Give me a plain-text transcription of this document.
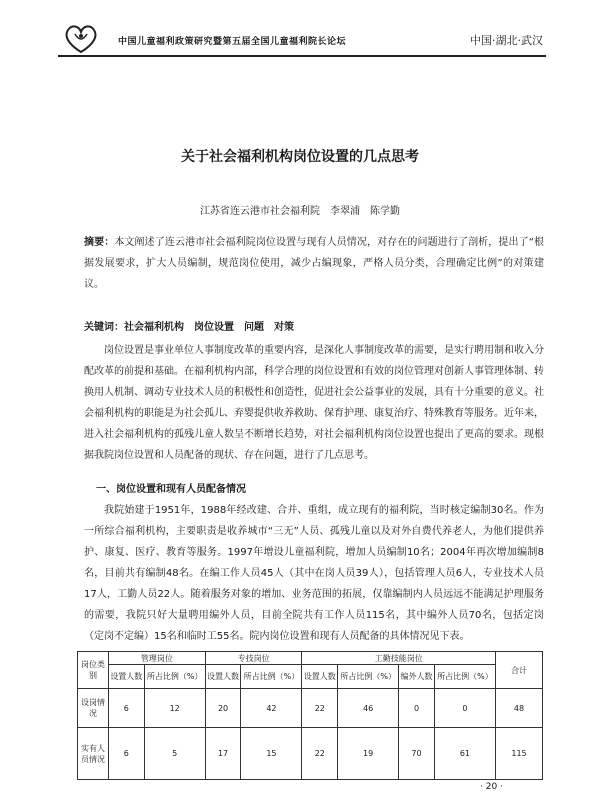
中国儿童福利政策研究暨第五届全国儿童福利院长论坛	中国·湖北·武汉
关于社会福利机构岗位设置的几点思考
江苏省连云港市社会福利院　李翠浦　陈学勤
摘要：本文阐述了连云港市社会福利院岗位设置与现有人员情况，对存在的问题进行了剖析，提出了“根据发展要求，扩大人员编制，规范岗位使用，减少占编现象，严格人员分类，合理确定比例”的对策建议。
关键词：社会福利机构　岗位设置　问题　对策
岗位设置是事业单位人事制度改革的重要内容，是深化人事制度改革的需要，是实行聘用制和收入分配改革的前提和基础。在福利机构内部，科学合理的岗位设置和有效的岗位管理对创新人事管理体制、转换用人机制、调动专业技术人员的积极性和创造性，促进社会公益事业的发展，具有十分重要的意义。社会福利机构的职能是为社会孤儿、弃婴提供收养救助、保育护理、康复治疗、特殊教育等服务。近年来，进入社会福利机构的孤残儿童人数呈不断增长趋势，对社会福利机构岗位设置也提出了更高的要求。现根据我院岗位设置和人员配备的现状、存在问题，进行了几点思考。
一、岗位设置和现有人员配备情况
我院始建于1951年，1988年经改建、合并、重组，成立现有的福利院，当时核定编制30名。作为一所综合福利机构，主要职责是收养城市“三无”人员、孤残儿童以及对外自费代养老人，为他们提供养护、康复、医疗、教育等服务。1997年增设儿童福利院，增加人员编制10名；2004年再次增加编制8名，目前共有编制48名。在编工作人员45人（其中在岗人员39人），包括管理人员6人，专业技术人员17人，工勤人员22人。随着服务对象的增加、业务范围的拓展，仅靠编制内人员远远不能满足护理服务的需要，我院只好大量聘用编外人员，目前全院共有工作人员115名，其中编外人员70名，包括定岗（定岗不定编）15名和临时工55名。院内岗位设置和现有人员配备的具体情况见下表。
岗位类别	管理岗位		专技岗位		工勤技能岗位				合计
	设置人数	所占比例（%）	设置人数	所占比例（%）	设置人数	所占比例（%）	编外人数	所占比例（%）	
设岗情况	6	12	20	42	22	46	0	0	48
实有人员情况	6	5	17	15	22	19	70	61	115
· 20 ·
